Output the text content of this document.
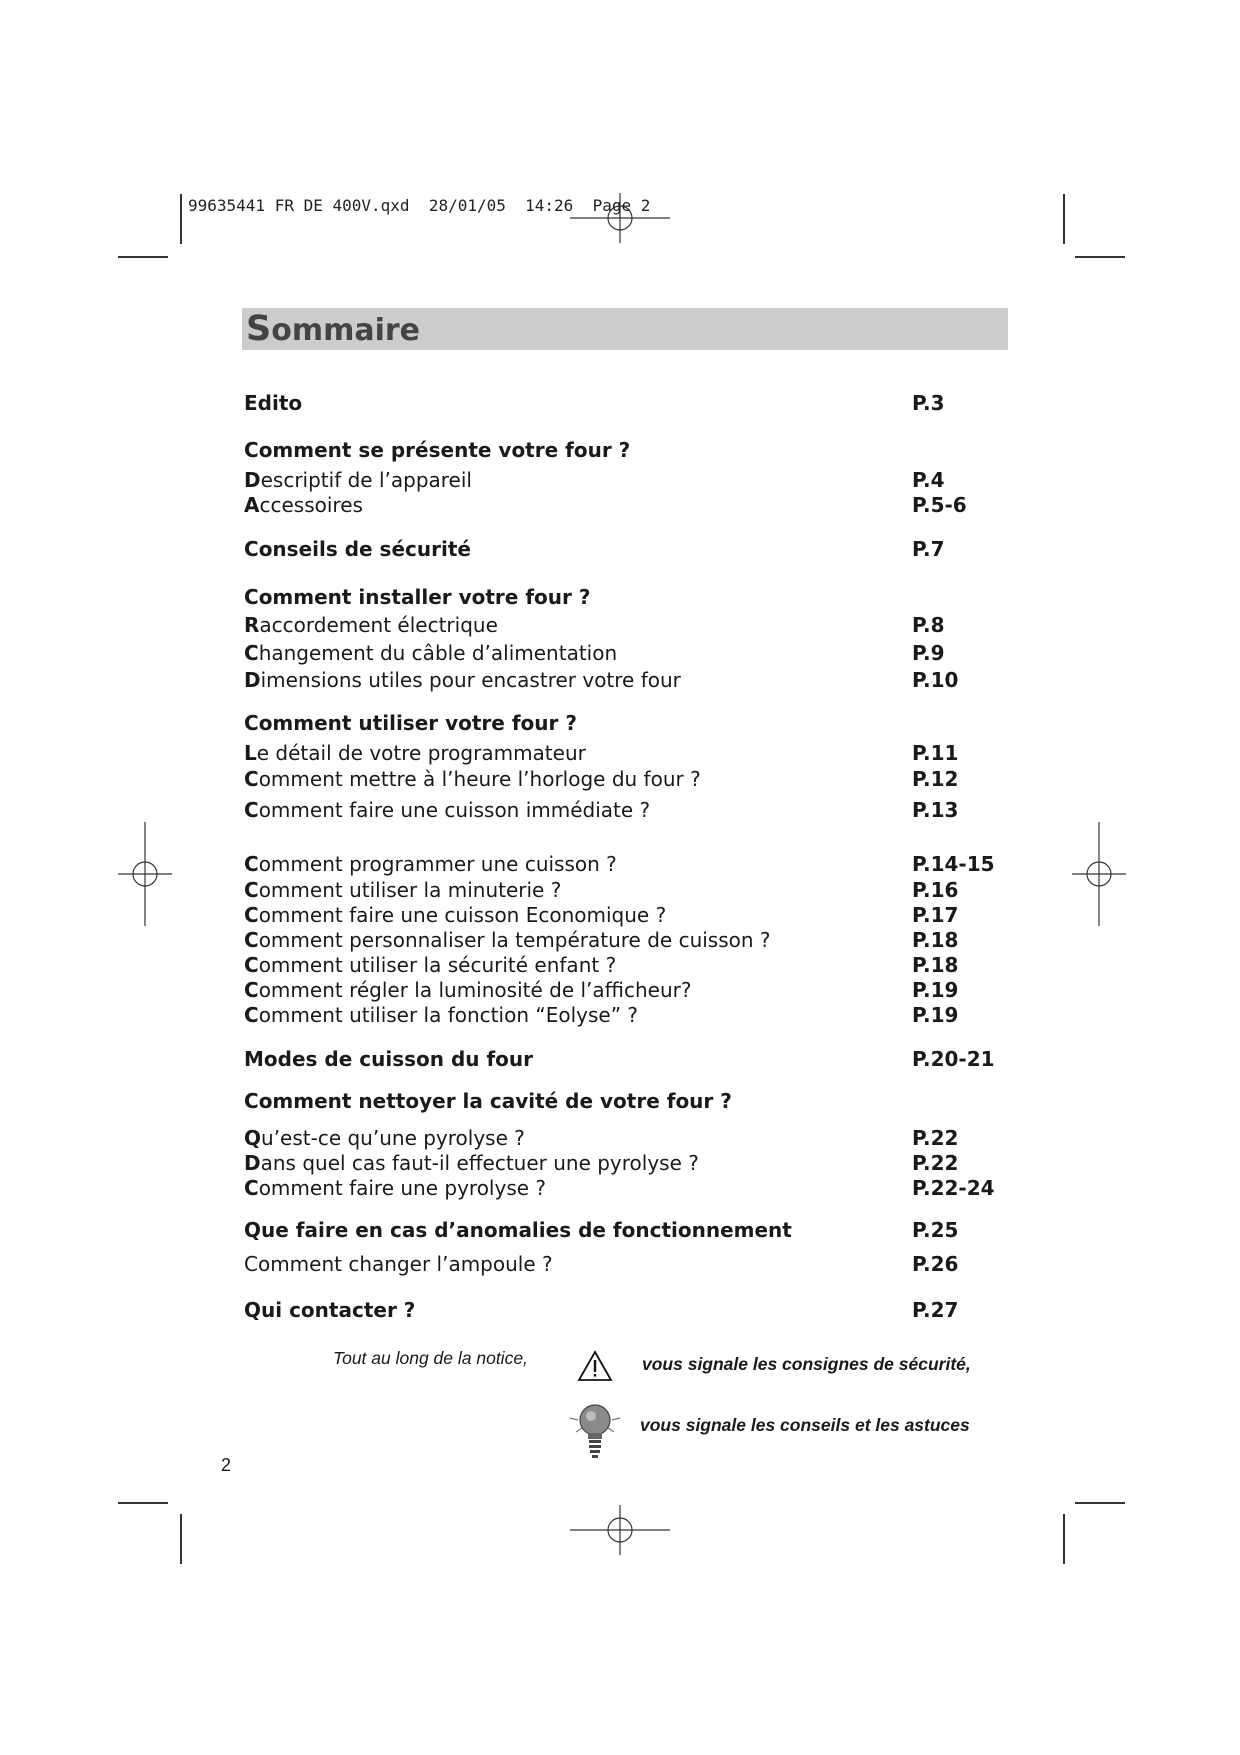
99635441 FR DE 400V.qxd  28/01/05  14:26  Page 2
Sommaire
Edito	P.3
Comment se présente votre four ?
Descriptif de l’appareil	P.4
Accessoires	P.5-6
Conseils de sécurité	P.7
Comment installer votre four ?
Raccordement électrique	P.8
Changement du câble d’alimentation	P.9
Dimensions utiles pour encastrer votre four	P.10
Comment utiliser votre four ?
Le détail de votre programmateur	P.11
Comment mettre à l’heure l’horloge du four ?	P.12
Comment faire une cuisson immédiate ?	P.13
Comment programmer une cuisson ?	P.14-15
Comment utiliser la minuterie ?	P.16
Comment faire une cuisson Economique ?	P.17
Comment personnaliser la température de cuisson ?	P.18
Comment utiliser la sécurité enfant ?	P.18
Comment régler la luminosité de l’afficheur?	P.19
Comment utiliser la fonction “Eolyse” ?	P.19
Modes de cuisson du four	P.20-21
Comment nettoyer la cavité de votre four ?
Qu’est-ce qu’une pyrolyse ?	P.22
Dans quel cas faut-il effectuer une pyrolyse ?	P.22
Comment faire une pyrolyse ?	P.22-24
Que faire en cas d’anomalies de fonctionnement	P.25
Comment changer l’ampoule ?	P.26
Qui contacter ?	P.27
Tout au long de la notice,	vous signale les consignes de sécurité,
vous signale les conseils et les astuces
2
